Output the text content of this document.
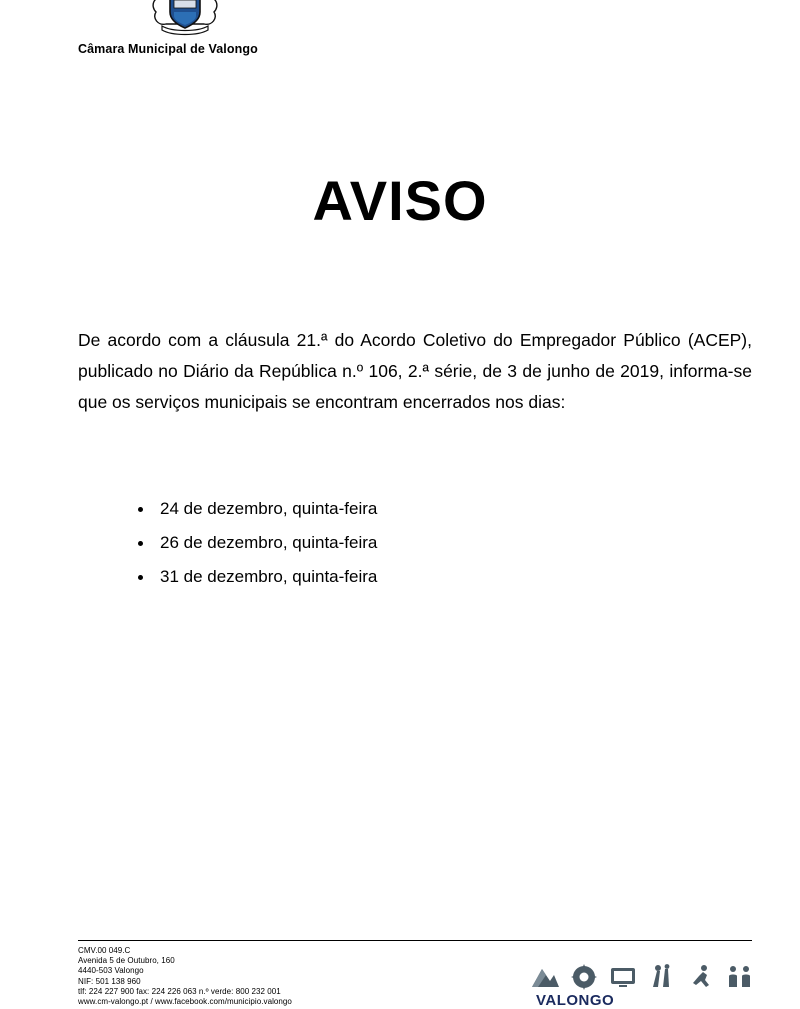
Câmara Municipal de Valongo
AVISO
De acordo com a cláusula 21.ª do Acordo Coletivo do Empregador Público (ACEP), publicado no Diário da República n.º 106, 2.ª série, de 3 de junho de 2019, informa-se que os serviços municipais se encontram encerrados nos dias:
24 de dezembro, quinta-feira
26 de dezembro, quinta-feira
31 de dezembro, quinta-feira
CMV.00 049.C
Avenida 5 de Outubro, 160
4440-503 Valongo
NIF: 501 138 960
tlf: 224 227 900 fax: 224 226 063 n.º verde: 800 232 001
www.cm-valongo.pt / www.facebook.com/municipio.valongo	VALONGO
